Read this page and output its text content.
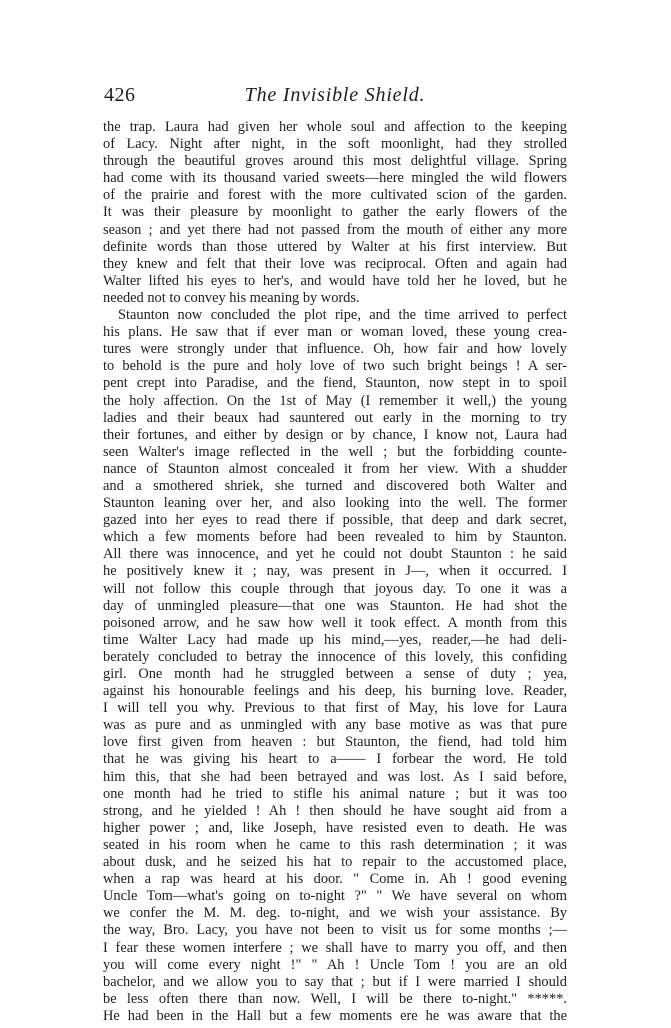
426	The Invisible Shield.
the trap. Laura had given her whole soul and affection to the keeping
of Lacy. Night after night, in the soft moonlight, had they strolled
through the beautiful groves around this most delightful village. Spring
had come with its thousand varied sweets—here mingled the wild flowers
of the prairie and forest with the more cultivated scion of the garden.
It was their pleasure by moonlight to gather the early flowers of the
season ; and yet there had not passed from the mouth of either any more
definite words than those uttered by Walter at his first interview. But
they knew and felt that their love was reciprocal. Often and again had
Walter lifted his eyes to her's, and would have told her he loved, but he
needed not to convey his meaning by words.
Staunton now concluded the plot ripe, and the time arrived to perfect
his plans. He saw that if ever man or woman loved, these young crea-
tures were strongly under that influence. Oh, how fair and how lovely
to behold is the pure and holy love of two such bright beings ! A ser-
pent crept into Paradise, and the fiend, Staunton, now stept in to spoil
the holy affection. On the 1st of May (I remember it well,) the young
ladies and their beaux had sauntered out early in the morning to try
their fortunes, and either by design or by chance, I know not, Laura had
seen Walter's image reflected in the well ; but the forbidding counte-
nance of Staunton almost concealed it from her view. With a shudder
and a smothered shriek, she turned and discovered both Walter and
Staunton leaning over her, and also looking into the well. The former
gazed into her eyes to read there if possible, that deep and dark secret,
which a few moments before had been revealed to him by Staunton.
All there was innocence, and yet he could not doubt Staunton : he said
he positively knew it ; nay, was present in J—, when it occurred. I
will not follow this couple through that joyous day. To one it was a
day of unmingled pleasure—that one was Staunton. He had shot the
poisoned arrow, and he saw how well it took effect. A month from this
time Walter Lacy had made up his mind,—yes, reader,—he had deli-
berately concluded to betray the innocence of this lovely, this confiding
girl. One month had he struggled between a sense of duty ; yea,
against his honourable feelings and his deep, his burning love. Reader,
I will tell you why. Previous to that first of May, his love for Laura
was as pure and as unmingled with any base motive as was that pure
love first given from heaven : but Staunton, the fiend, had told him
that he was giving his heart to a—— I forbear the word. He told
him this, that she had been betrayed and was lost. As I said before,
one month had he tried to stifle his animal nature ; but it was too
strong, and he yielded ! Ah ! then should he have sought aid from a
higher power ; and, like Joseph, have resisted even to death. He was
seated in his room when he came to this rash determination ; it was
about dusk, and he seized his hat to repair to the accustomed place,
when a rap was heard at his door. " Come in. Ah ! good evening
Uncle Tom—what's going on to-night ?" " We have several on whom
we confer the M. M. deg. to-night, and we wish your assistance. By
the way, Bro. Lacy, you have not been to visit us for some months ;—
I fear these women interfere ; we shall have to marry you off, and then
you will come every night !" " Ah ! Uncle Tom ! you are an old
bachelor, and we allow you to say that ; but if I were married I should
be less often there than now. Well, I will be there to-night." *****.
He had been in the Hall but a few moments ere he was aware that the
